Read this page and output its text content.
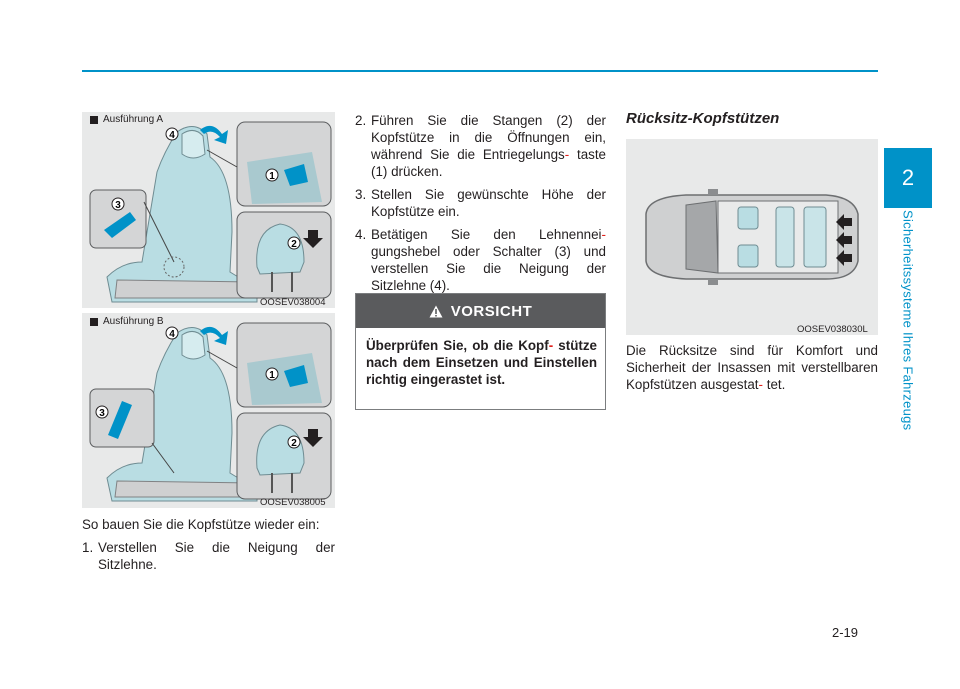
2
Sicherheitssysteme Ihres Fahrzeugs
4
1
2
3
Ausführung A
OOSEV038004
4
1
2
3
Ausführung B
OOSEV038005

So bauen Sie die Kopfstütze wieder ein:

1. Verstellen Sie die Neigung der Sitzlehne.
2. Führen Sie die Stangen (2) der Kopfstütze in die Öffnungen ein, während Sie die Entriegelungs- taste (1) drücken.
3. Stellen Sie gewünschte Höhe der Kopfstütze ein.
4. Betätigen Sie den Lehnennei- gungshebel oder Schalter (3) und verstellen Sie die Neigung der Sitzlehne (4).
VORSICHT
Überprüfen Sie, ob die Kopf- stütze nach dem Einsetzen und Einstellen richtig eingerastet ist.
Rücksitz-Kopfstützen
OOSEV038030L
Die Rücksitze sind für Komfort und Sicherheit der Insassen mit verstellbaren Kopfstützen ausgestat- tet.
2-19
